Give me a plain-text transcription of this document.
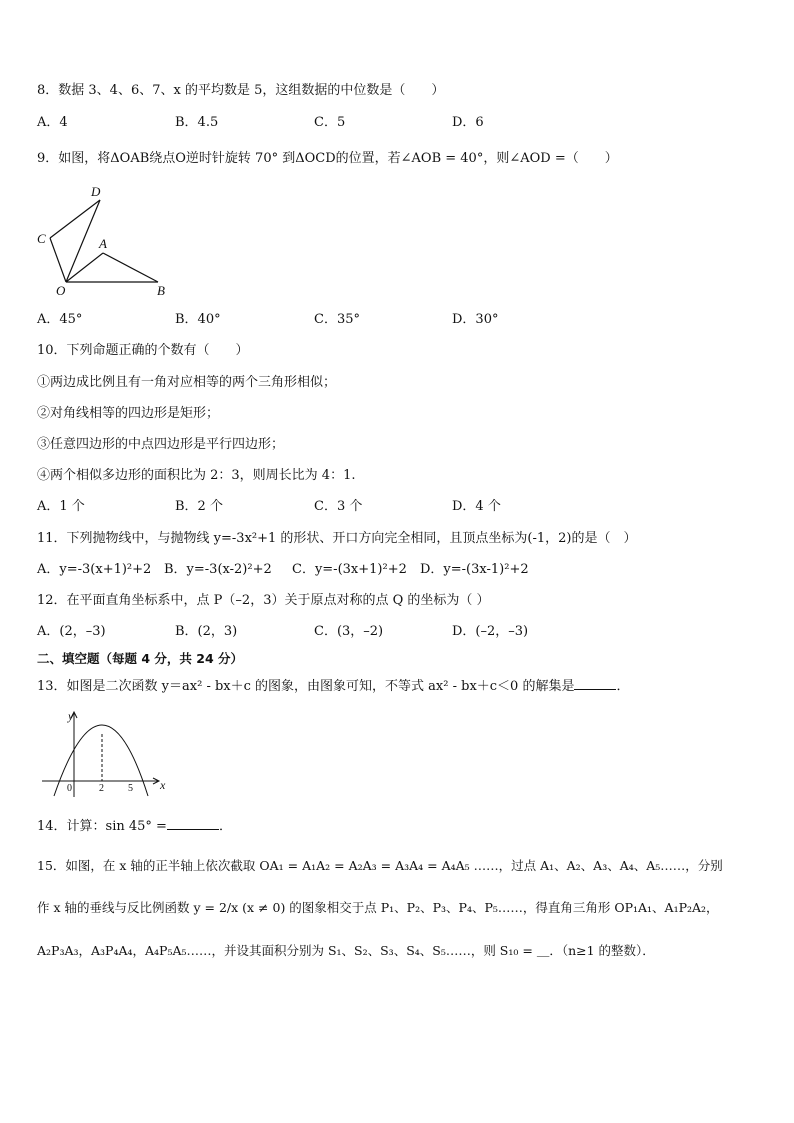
8．数据 3、4、6、7、x 的平均数是 5，这组数据的中位数是（　　）
A．4	B．4.5	C．5	D．6
9．如图，将ΔOAB绕点O逆时针旋转 70° 到ΔOCD的位置，若∠AOB = 40°，则∠AOD =（　　）
D
C	A
O	B
A．45°	B．40°	C．35°	D．30°
10．下列命题正确的个数有（　　）
①两边成比例且有一角对应相等的两个三角形相似；
②对角线相等的四边形是矩形；
③任意四边形的中点四边形是平行四边形；
④两个相似多边形的面积比为 2：3，则周长比为 4：1.
A．1 个	B．2 个	C．3 个	D．4 个
11．下列抛物线中，与抛物线 y=-3x²+1 的形状、开口方向完全相同，且顶点坐标为(-1，2)的是（　）
A．y=-3(x+1)²+2 B．y=-3(x-2)²+2 C．y=-(3x+1)²+2 D．y=-(3x-1)²+2
12．在平面直角坐标系中，点 P（–2，3）关于原点对称的点 Q 的坐标为（ ）
A．(2，–3)	B．(2，3)	C．(3，–2)	D．(–2，–3)
二、填空题（每题 4 分，共 24 分）
13．如图是二次函数 y＝ax² - bx＋c 的图象，由图象可知，不等式 ax² - bx＋c＜0 的解集是	．
y
x
0	2 5
14．计算：sin 45° =	．
15．如图，在 x 轴的正半轴上依次截取 OA₁ = A₁A₂ = A₂A₃ = A₃A₄ = A₄A₅ ……，过点 A₁、A₂、A₃、A₄、A₅……，分别
作 x 轴的垂线与反比例函数 y = 2/x (x ≠ 0) 的图象相交于点 P₁、P₂、P₃、P₄、P₅……，得直角三角形 OP₁A₁、A₁P₂A₂，
A₂P₃A₃，A₃P₄A₄，A₄P₅A₅……，并设其面积分别为 S₁、S₂、S₃、S₄、S₅……，则 S₁₀ = ＿．（n≥1 的整数）．
